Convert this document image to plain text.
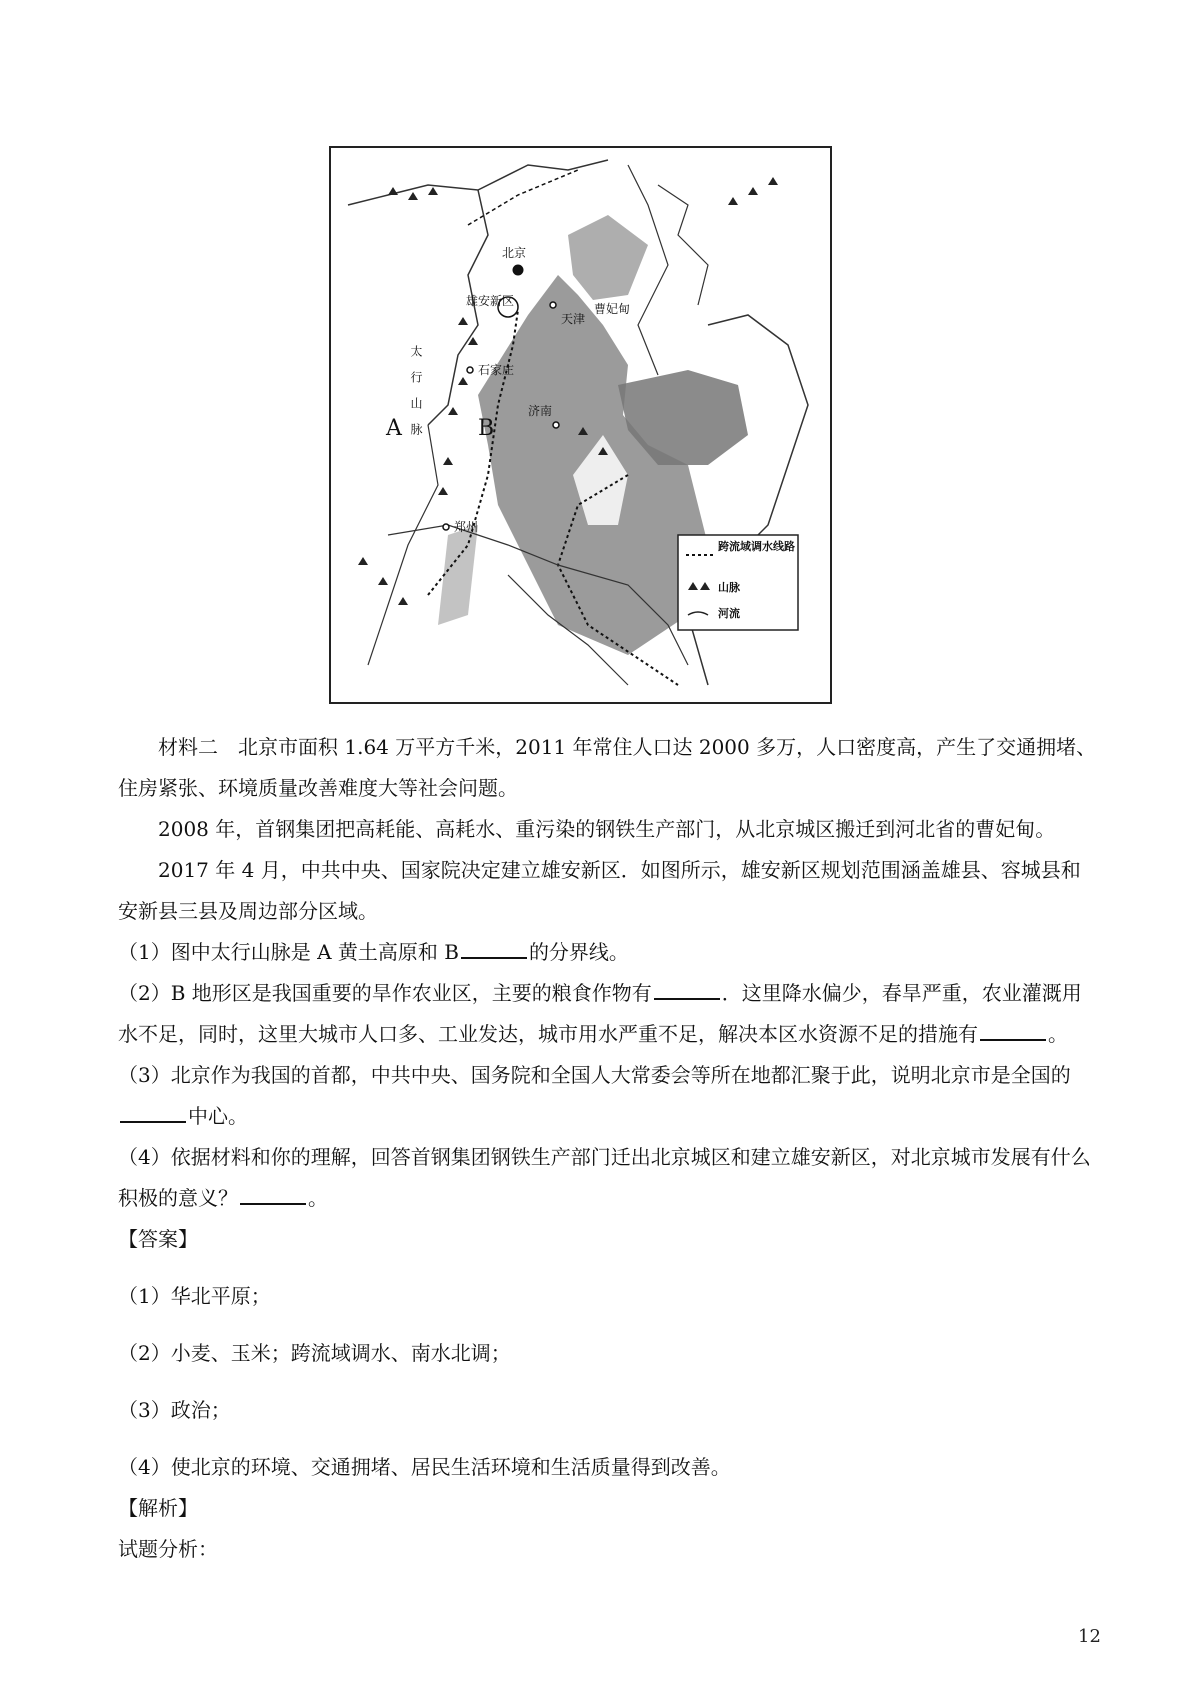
北京
雄安新区
天津
曹妃甸
石家庄
济南
郑州
太行山脉
A	B
跨流域调水线路
山脉
河流

材料二　北京市面积 1.64 万平方千米，2011 年常住人口达 2000 多万，人口密度高，产生了交通拥堵、住房紧张、环境质量改善难度大等社会问题。

2008 年，首钢集团把高耗能、高耗水、重污染的钢铁生产部门，从北京城区搬迁到河北省的曹妃甸。

2017 年 4 月，中共中央、国家院决定建立雄安新区．如图所示，雄安新区规划范围涵盖雄县、容城县和安新县三县及周边部分区域。

（1）图中太行山脉是 A 黄土高原和 B	的分界线。

（2）B 地形区是我国重要的旱作农业区，主要的粮食作物有	．这里降水偏少，春旱严重，农业灌溉用水不足，同时，这里大城市人口多、工业发达，城市用水严重不足，解决本区水资源不足的措施有	。

（3）北京作为我国的首都，中共中央、国务院和全国人大常委会等所在地都汇聚于此，说明北京市是全国的中心。

（4）依据材料和你的理解，回答首钢集团钢铁生产部门迁出北京城区和建立雄安新区，对北京城市发展有什么积极的意义？	。

【答案】

（1）华北平原；

（2）小麦、玉米；跨流域调水、南水北调；

（3）政治；

（4）使北京的环境、交通拥堵、居民生活环境和生活质量得到改善。

【解析】

试题分析：

12
